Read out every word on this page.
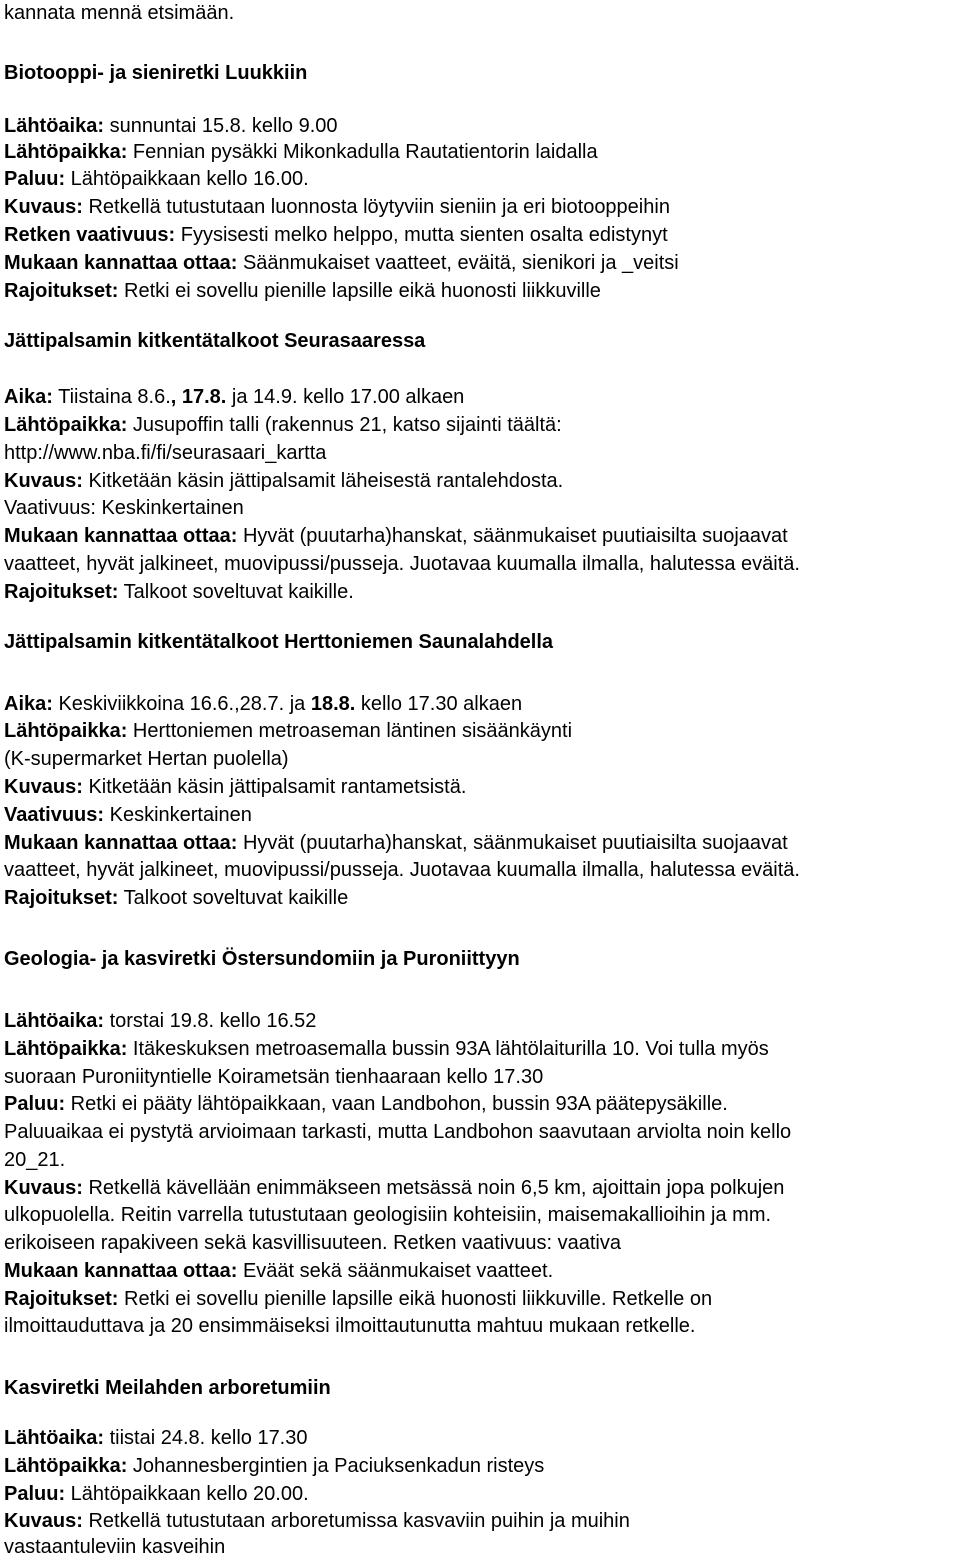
kannata mennä etsimään.
Biotooppi- ja sieniretki Luukkiin
Lähtöaika: sunnuntai 15.8. kello 9.00
Lähtöpaikka: Fennian pysäkki Mikonkadulla Rautatientorin laidalla
Paluu: Lähtöpaikkaan kello 16.00.
Kuvaus: Retkellä tutustutaan luonnosta löytyviin sieniin ja eri biotooppeihin
Retken vaativuus: Fyysisesti melko helppo, mutta sienten osalta edistynyt
Mukaan kannattaa ottaa: Säänmukaiset vaatteet, eväitä, sienikori ja _veitsi
Rajoitukset: Retki ei sovellu pienille lapsille eikä huonosti liikkuville
Jättipalsamin kitkentätalkoot Seurasaaressa
Aika: Tiistaina 8.6., 17.8. ja 14.9. kello 17.00 alkaen
Lähtöpaikka: Jusupoffin talli (rakennus 21, katso sijainti täältä:
http://www.nba.fi/fi/seurasaari_kartta
Kuvaus: Kitketään käsin jättipalsamit läheisestä rantalehdosta.
Vaativuus: Keskinkertainen
Mukaan kannattaa ottaa: Hyvät (puutarha)hanskat, säänmukaiset puutiaisilta suojaavat
vaatteet, hyvät jalkineet, muovipussi/pusseja. Juotavaa kuumalla ilmalla, halutessa eväitä.
Rajoitukset: Talkoot soveltuvat kaikille.
Jättipalsamin kitkentätalkoot Herttoniemen Saunalahdella
Aika: Keskiviikkoina 16.6.,28.7. ja 18.8. kello 17.30 alkaen
Lähtöpaikka: Herttoniemen metroaseman läntinen sisäänkäynti
(K-supermarket Hertan puolella)
Kuvaus: Kitketään käsin jättipalsamit rantametsistä.
Vaativuus: Keskinkertainen
Mukaan kannattaa ottaa: Hyvät (puutarha)hanskat, säänmukaiset puutiaisilta suojaavat
vaatteet, hyvät jalkineet, muovipussi/pusseja. Juotavaa kuumalla ilmalla, halutessa eväitä.
Rajoitukset: Talkoot soveltuvat kaikille
Geologia- ja kasviretki Östersundomiin ja Puroniittyyn
Lähtöaika: torstai 19.8. kello 16.52
Lähtöpaikka: Itäkeskuksen metroasemalla bussin 93A lähtölaiturilla 10. Voi tulla myös
suoraan Puroniityntielle Koirametsän tienhaaraan kello 17.30
Paluu: Retki ei pääty lähtöpaikkaan, vaan Landbohon, bussin 93A päätepysäkille.
Paluuaikaa ei pystytä arvioimaan tarkasti, mutta Landbohon saavutaan arviolta noin kello
20_21.
Kuvaus: Retkellä kävellään enimmäkseen metsässä noin 6,5 km, ajoittain jopa polkujen
ulkopuolella. Reitin varrella tutustutaan geologisiin kohteisiin, maisemakallioihin ja mm.
erikoiseen rapakiveen sekä kasvillisuuteen. Retken vaativuus: vaativa
Mukaan kannattaa ottaa: Eväät sekä säänmukaiset vaatteet.
Rajoitukset: Retki ei sovellu pienille lapsille eikä huonosti liikkuville. Retkelle on
ilmoittauduttava ja 20 ensimmäiseksi ilmoittautunutta mahtuu mukaan retkelle.
Kasviretki Meilahden arboretumiin
Lähtöaika: tiistai 24.8. kello 17.30
Lähtöpaikka: Johannesbergintien ja Paciuksenkadun risteys
Paluu: Lähtöpaikkaan kello 20.00.
Kuvaus: Retkellä tutustutaan arboretumissa kasvaviin puihin ja muihin
vastaantuleviin kasveihin
